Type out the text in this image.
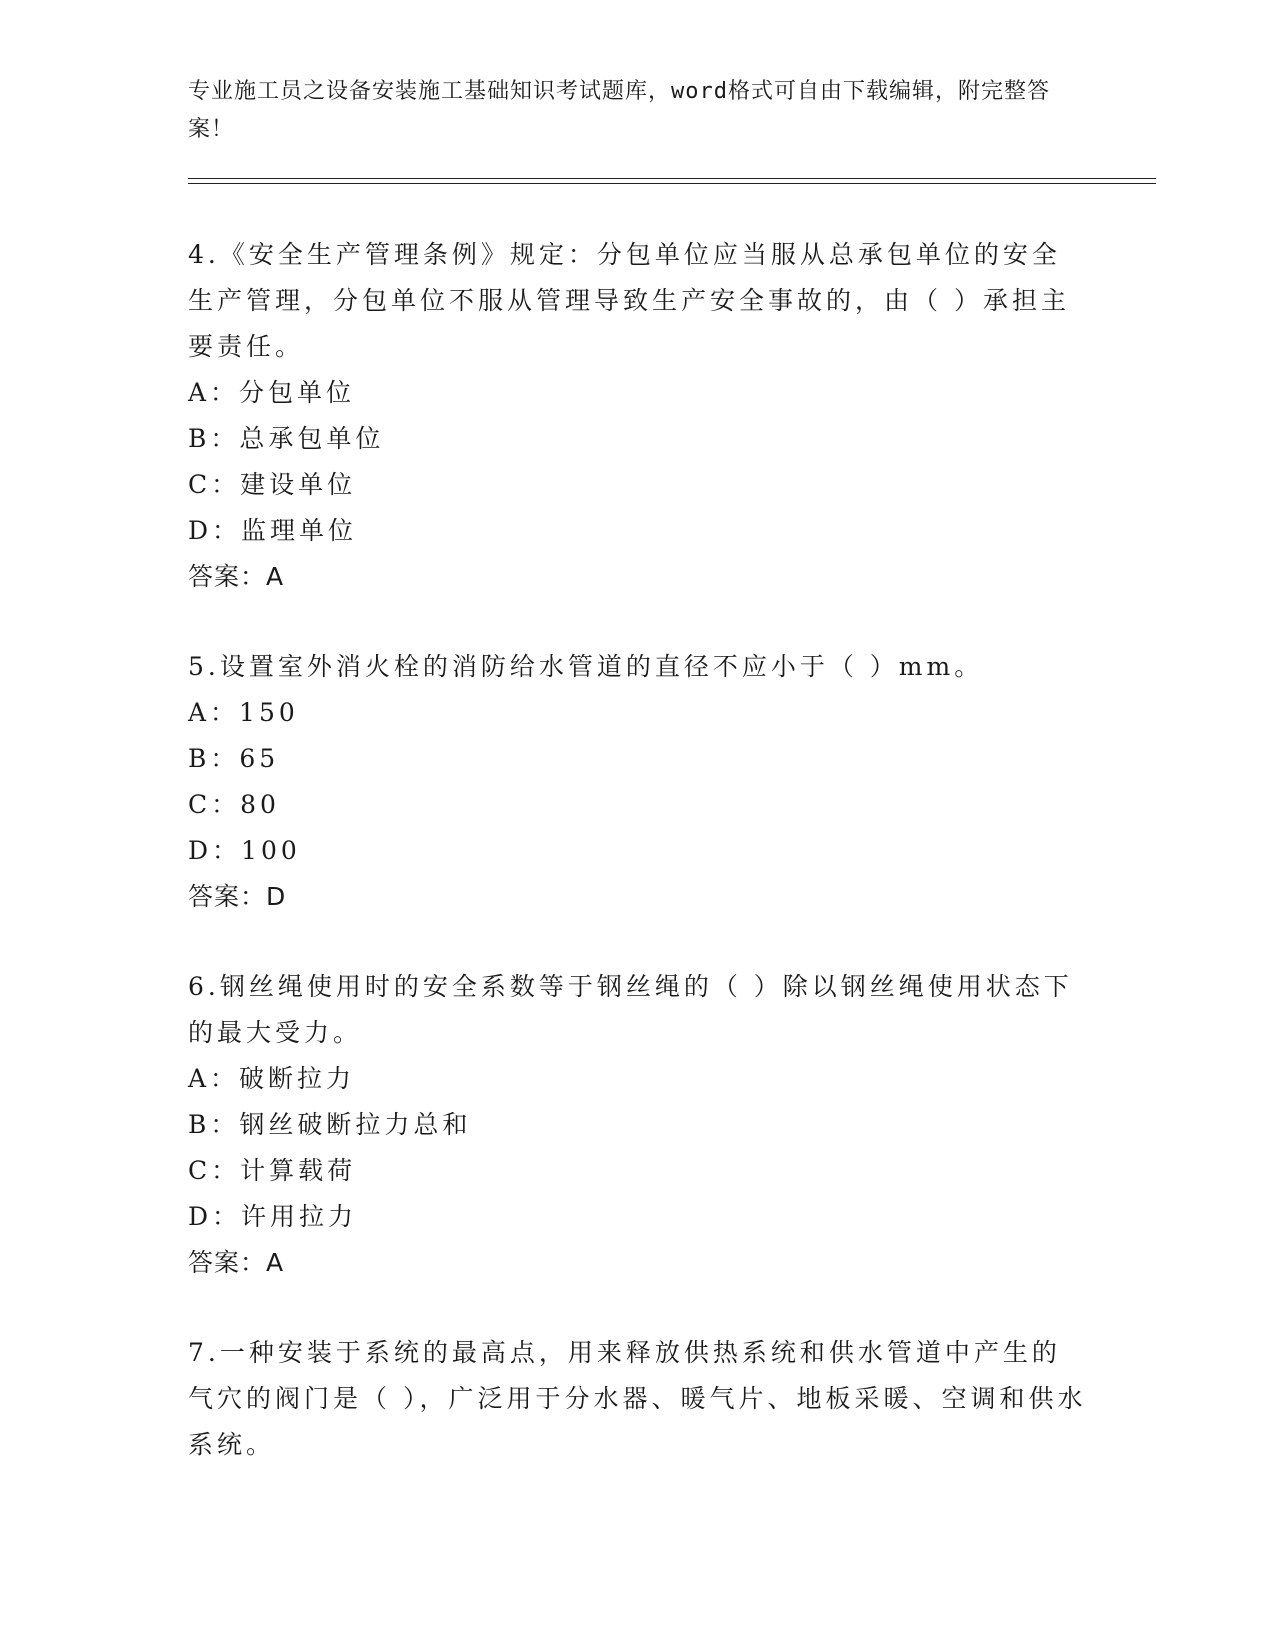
专业施工员之设备安装施工基础知识考试题库，word格式可自由下载编辑，附完整答案！
4.《安全生产管理条例》规定：分包单位应当服从总承包单位的安全生产管理，分包单位不服从管理导致生产安全事故的，由（ ）承担主要责任。
A：分包单位
B：总承包单位
C：建设单位
D：监理单位
答案：A
5.设置室外消火栓的消防给水管道的直径不应小于（ ）mm。
A：150
B：65
C：80
D：100
答案：D
6.钢丝绳使用时的安全系数等于钢丝绳的（ ）除以钢丝绳使用状态下的最大受力。
A：破断拉力
B：钢丝破断拉力总和
C：计算载荷
D：许用拉力
答案：A
7.一种安装于系统的最高点，用来释放供热系统和供水管道中产生的气穴的阀门是（ ），广泛用于分水器、暖气片、地板采暖、空调和供水系统。
